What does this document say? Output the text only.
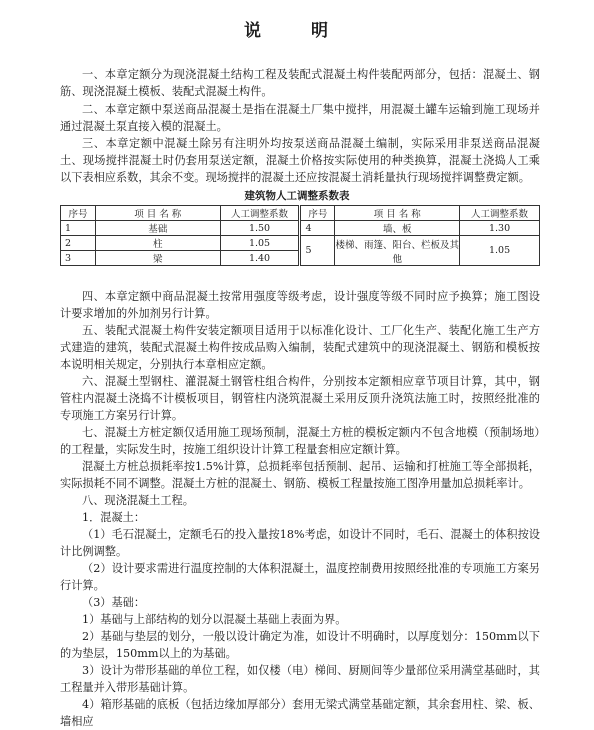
说 明

一、本章定额分为现浇混凝土结构工程及装配式混凝土构件装配两部分，包括：混凝土、钢筋、现浇混凝土模板、装配式混凝土构件。

二、本章定额中泵送商品混凝土是指在混凝土厂集中搅拌，用混凝土罐车运输到施工现场并通过混凝土泵直接入模的混凝土。

三、本章定额中混凝土除另有注明外均按泵送商品混凝土编制，实际采用非泵送商品混凝土、现场搅拌混凝土时仍套用泵送定额，混凝土价格按实际使用的种类换算，混凝土浇捣人工乘以下表相应系数，其余不变。现场搅拌的混凝土还应按混凝土消耗量执行现场搅拌调整费定额。

建筑物人工调整系数表
序号	项 目 名 称	人工调整系数	序号	项 目 名 称	人工调整系数
1	基础	1.50	4	墙、板	1.30
2	柱	1.05	5	楼梯、雨篷、阳台、栏板及其他	1.05
3	梁	1.40			

四、本章定额中商品混凝土按常用强度等级考虑，设计强度等级不同时应予换算；施工图设计要求增加的外加剂另行计算。

五、装配式混凝土构件安装定额项目适用于以标准化设计、工厂化生产、装配化施工生产方式建造的建筑，装配式混凝土构件按成品购入编制，装配式建筑中的现浇混凝土、钢筋和模板按本说明相关规定，分别执行本章相应定额。

六、混凝土型钢柱、灌混凝土钢管柱组合构件，分别按本定额相应章节项目计算，其中，钢管柱内混凝土浇捣不计模板项目，钢管柱内浇筑混凝土采用反顶升浇筑法施工时，按照经批准的专项施工方案另行计算。

七、混凝土方桩定额仅适用施工现场预制，混凝土方桩的模板定额内不包含地模（预制场地）的工程量，实际发生时，按施工组织设计计算工程量套相应定额计算。

混凝土方桩总损耗率按1.5%计算，总损耗率包括预制、起吊、运输和打桩施工等全部损耗，实际损耗不同不调整。混凝土方桩的混凝土、钢筋、模板工程量按施工图净用量加总损耗率计。

八、现浇混凝土工程。

1．混凝土：

（1）毛石混凝土，定额毛石的投入量按18%考虑，如设计不同时，毛石、混凝土的体积按设计比例调整。

（2）设计要求需进行温度控制的大体积混凝土，温度控制费用按照经批准的专项施工方案另行计算。

（3）基础：

1）基础与上部结构的划分以混凝土基础上表面为界。

2）基础与垫层的划分，一般以设计确定为准，如设计不明确时，以厚度划分：150mm以下的为垫层，150mm以上的为基础。

3）设计为带形基础的单位工程，如仅楼（电）梯间、厨厕间等少量部位采用满堂基础时，其工程量并入带形基础计算。

4）箱形基础的底板（包括边缘加厚部分）套用无梁式满堂基础定额，其余套用柱、梁、板、墙相应
